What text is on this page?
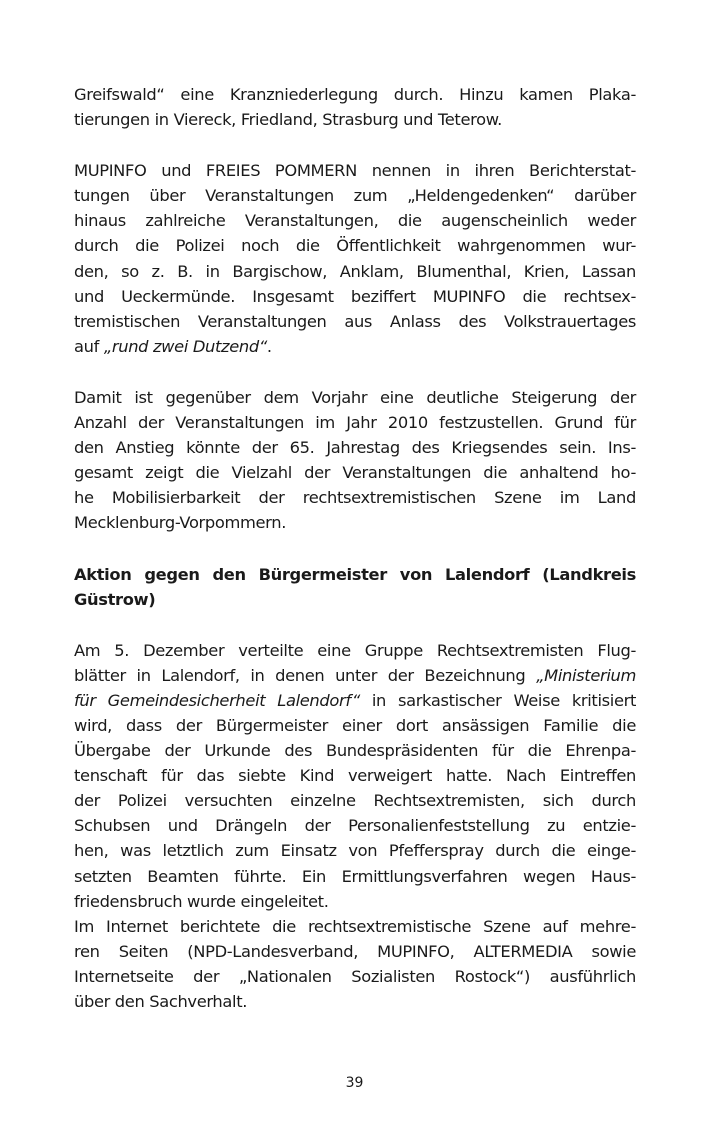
Greifswald“ eine Kranzniederlegung durch. Hinzu kamen Plaka-
tierungen in Viereck, Friedland, Strasburg und Teterow.
MUPINFO und FREIES POMMERN nennen in ihren Berichterstat-
tungen über Veranstaltungen zum „Heldengedenken“ darüber
hinaus zahlreiche Veranstaltungen, die augenscheinlich weder
durch die Polizei noch die Öffentlichkeit wahrgenommen wur-
den, so z. B. in Bargischow, Anklam, Blumenthal, Krien, Lassan
und Ueckermünde. Insgesamt beziffert MUPINFO die rechtsex-
tremistischen Veranstaltungen aus Anlass des Volkstrauertages
auf „rund zwei Dutzend“.
Damit ist gegenüber dem Vorjahr eine deutliche Steigerung der
Anzahl der Veranstaltungen im Jahr 2010 festzustellen. Grund für
den Anstieg könnte der 65. Jahrestag des Kriegsendes sein. Ins-
gesamt zeigt die Vielzahl der Veranstaltungen die anhaltend ho-
he Mobilisierbarkeit der rechtsextremistischen Szene im Land
Mecklenburg-Vorpommern.
Aktion gegen den Bürgermeister von Lalendorf (Landkreis
Güstrow)
Am 5. Dezember verteilte eine Gruppe Rechtsextremisten Flug-
blätter in Lalendorf, in denen unter der Bezeichnung „Ministerium
für Gemeindesicherheit Lalendorf“ in sarkastischer Weise kritisiert
wird, dass der Bürgermeister einer dort ansässigen Familie die
Übergabe der Urkunde des Bundespräsidenten für die Ehrenpa-
tenschaft für das siebte Kind verweigert hatte. Nach Eintreffen
der Polizei versuchten einzelne Rechtsextremisten, sich durch
Schubsen und Drängeln der Personalienfeststellung zu entzie-
hen, was letztlich zum Einsatz von Pfefferspray durch die einge-
setzten Beamten führte. Ein Ermittlungsverfahren wegen Haus-
friedensbruch wurde eingeleitet.
Im Internet berichtete die rechtsextremistische Szene auf mehre-
ren Seiten (NPD-Landesverband, MUPINFO, ALTERMEDIA sowie
Internetseite der „Nationalen Sozialisten Rostock“) ausführlich
über den Sachverhalt.
39
